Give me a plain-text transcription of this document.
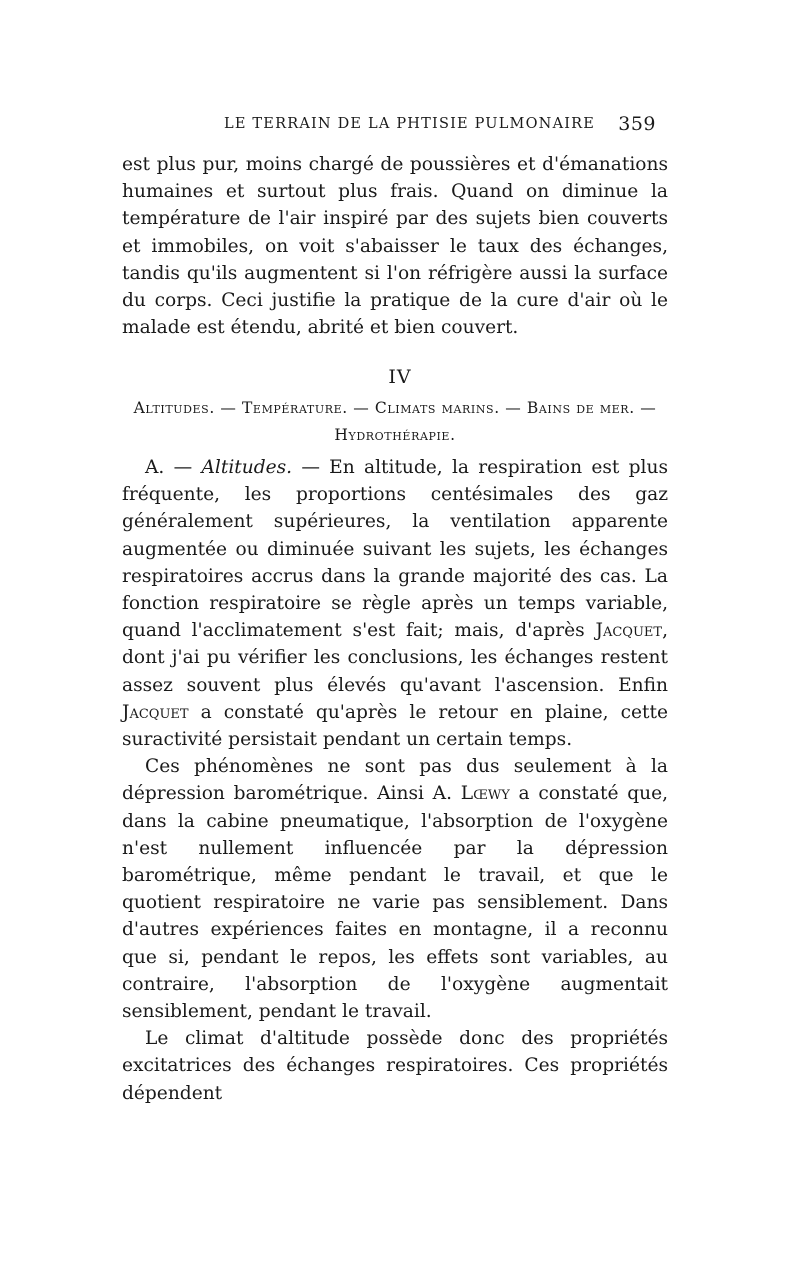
LE TERRAIN DE LA PHTISIE PULMONAIRE 359

est plus pur, moins chargé de poussières et d'émanations humaines et surtout plus frais. Quand on diminue la température de l'air inspiré par des sujets bien couverts et immobiles, on voit s'abaisser le taux des échanges, tandis qu'ils augmentent si l'on réfrigère aussi la surface du corps. Ceci justifie la pratique de la cure d'air où le malade est étendu, abrité et bien couvert.

IV
Altitudes. — Température. — Climats marins. — Bains de mer. — Hydrothérapie.

A. — Altitudes. — En altitude, la respiration est plus fréquente, les proportions centésimales des gaz généralement supérieures, la ventilation apparente augmentée ou diminuée suivant les sujets, les échanges respiratoires accrus dans la grande majorité des cas. La fonction respiratoire se règle après un temps variable, quand l'acclimatement s'est fait; mais, d'après Jacquet, dont j'ai pu vérifier les conclusions, les échanges restent assez souvent plus élevés qu'avant l'ascension. Enfin Jacquet a constaté qu'après le retour en plaine, cette suractivité persistait pendant un certain temps.

Ces phénomènes ne sont pas dus seulement à la dépression barométrique. Ainsi A. Lœwy a constaté que, dans la cabine pneumatique, l'absorption de l'oxygène n'est nullement influencée par la dépression barométrique, même pendant le travail, et que le quotient respiratoire ne varie pas sensiblement. Dans d'autres expériences faites en montagne, il a reconnu que si, pendant le repos, les effets sont variables, au contraire, l'absorption de l'oxygène augmentait sensiblement, pendant le travail.

Le climat d'altitude possède donc des propriétés excitatrices des échanges respiratoires. Ces propriétés dépendent
